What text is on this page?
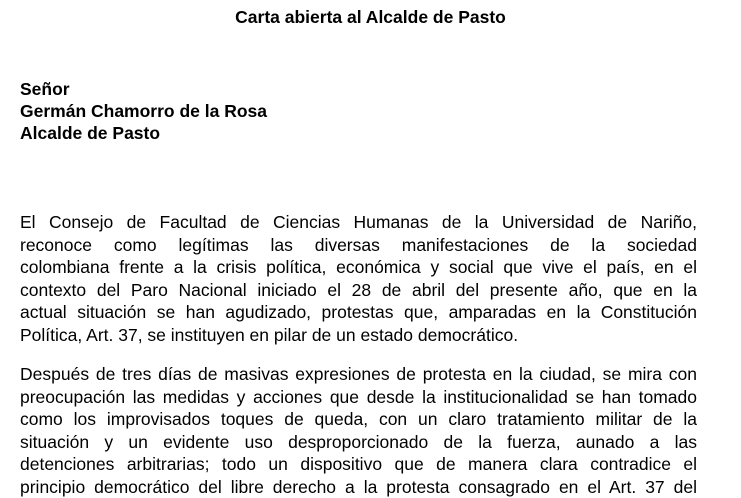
Carta abierta al Alcalde de Pasto
Señor
Germán Chamorro de la Rosa
Alcalde de Pasto

El Consejo de Facultad de Ciencias Humanas de la Universidad de Nariño,
reconoce como legítimas las diversas manifestaciones de la sociedad
colombiana frente a la crisis política, económica y social que vive el país, en el
contexto del Paro Nacional iniciado el 28 de abril del presente año, que en la
actual situación se han agudizado, protestas que, amparadas en la Constitución
Política, Art. 37, se instituyen en pilar de un estado democrático.

Después de tres días de masivas expresiones de protesta en la ciudad, se mira con
preocupación las medidas y acciones que desde la institucionalidad se han tomado
como los improvisados toques de queda, con un claro tratamiento militar de la
situación y un evidente uso desproporcionado de la fuerza, aunado a las
detenciones arbitrarias; todo un dispositivo que de manera clara contradice el
principio democrático del libre derecho a la protesta consagrado en el Art. 37 del
